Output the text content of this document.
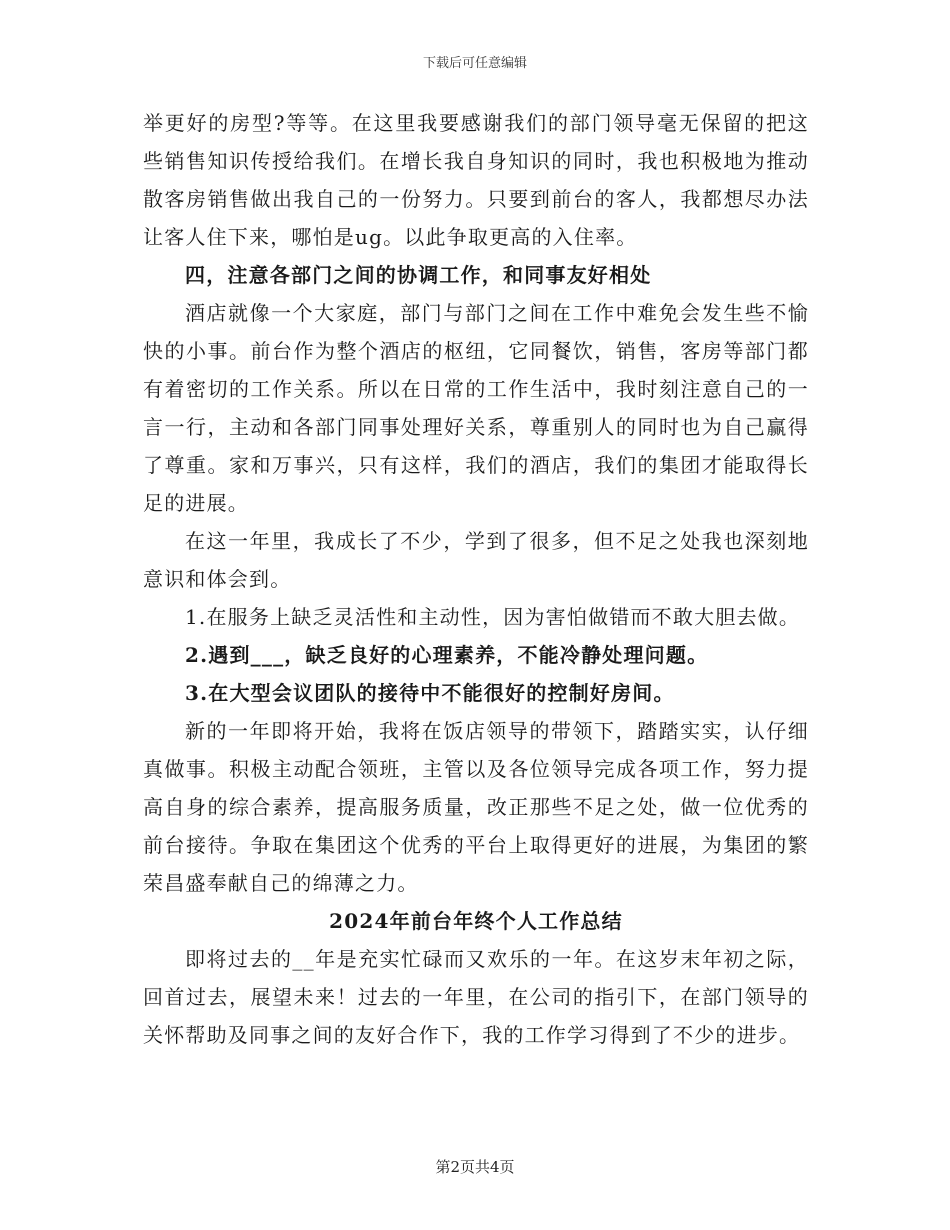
下载后可任意编辑

举更好的房型?等等。在这里我要感谢我们的部门领导毫无保留的把这些销售知识传授给我们。在增长我自身知识的同时，我也积极地为推动散客房销售做出我自己的一份努力。只要到前台的客人，我都想尽办法让客人住下来，哪怕是ug。以此争取更高的入住率。

四，注意各部门之间的协调工作，和同事友好相处

酒店就像一个大家庭，部门与部门之间在工作中难免会发生些不愉快的小事。前台作为整个酒店的枢纽，它同餐饮，销售，客房等部门都有着密切的工作关系。所以在日常的工作生活中，我时刻注意自己的一言一行，主动和各部门同事处理好关系，尊重别人的同时也为自己赢得了尊重。家和万事兴，只有这样，我们的酒店，我们的集团才能取得长足的进展。

在这一年里，我成长了不少，学到了很多，但不足之处我也深刻地意识和体会到。

1.在服务上缺乏灵活性和主动性，因为害怕做错而不敢大胆去做。

2.遇到___，缺乏良好的心理素养，不能冷静处理问题。

3.在大型会议团队的接待中不能很好的控制好房间。

新的一年即将开始，我将在饭店领导的带领下，踏踏实实，认仔细真做事。积极主动配合领班，主管以及各位领导完成各项工作，努力提高自身的综合素养，提高服务质量，改正那些不足之处，做一位优秀的前台接待。争取在集团这个优秀的平台上取得更好的进展，为集团的繁荣昌盛奉献自己的绵薄之力。

2024年前台年终个人工作总结

即将过去的__年是充实忙碌而又欢乐的一年。在这岁末年初之际，回首过去，展望未来！过去的一年里，在公司的指引下，在部门领导的关怀帮助及同事之间的友好合作下，我的工作学习得到了不少的进步。

第2页共4页
